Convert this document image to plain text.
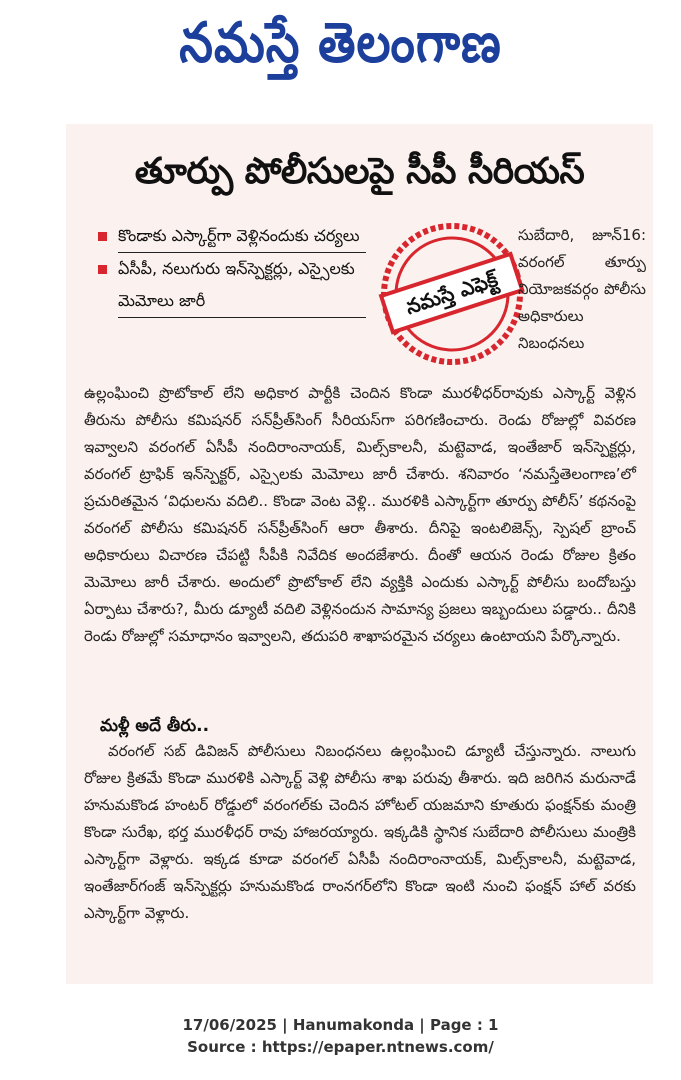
నమస్తే తెలంగాణ
తూర్పు పోలీసులపై సీపీ సీరియస్
కొండాకు ఎస్కార్ట్‌గా వెళ్లినందుకు చర్యలు
ఏసీపీ, నలుగురు ఇన్‌స్పెక్టర్లు, ఎస్సైలకు మెమోలు జారీ	నమస్తే ఎఫెక్ట్
సుబేదారి, జూన్16: వరంగల్ తూర్పు నియోజకవర్గం పోలీసు అధికారులు నిబంధనలు

ఉల్లంఘించి ప్రొటోకాల్ లేని అధికార పార్టీకి చెందిన కొండా మురళీధర్‌రావుకు ఎస్కార్ట్ వెళ్లిన తీరును పోలీసు కమిషనర్ సన్‌ప్రీత్‌సింగ్ సీరియస్‌గా పరిగణించారు. రెండు రోజుల్లో వివరణ ఇవ్వాలని వరంగల్ ఏసీపీ నందిరాంనాయక్, మిల్స్‌కాలనీ, మట్టెవాడ, ఇంతేజార్ ఇన్‌స్పెక్టర్లు, వరంగల్ ట్రాఫిక్ ఇన్‌స్పెక్టర్, ఎస్సైలకు మెమోలు జారీ చేశారు. శనివారం ‘నమస్తేతెలంగాణ’లో ప్రచురితమైన ‘విధులను వదిలి.. కొండా వెంట వెళ్లి.. మురళికి ఎస్కార్ట్‌గా తూర్పు పోలీస్’ కథనంపై వరంగల్ పోలీసు కమిషనర్ సన్‌ప్రీత్‌సింగ్ ఆరా తీశారు. దీనిపై ఇంటలిజెన్స్, స్పెషల్ బ్రాంచ్ అధికారులు విచారణ చేపట్టి సీపీకి నివేదిక అందజేశారు. దీంతో ఆయన రెండు రోజుల క్రితం మెమోలు జారీ చేశారు. అందులో ప్రొటోకాల్ లేని వ్యక్తికి ఎందుకు ఎస్కార్ట్ పోలీసు బందోబస్తు ఏర్పాటు చేశారు?, మీరు డ్యూటీ వదిలి వెళ్లినందున సామాన్య ప్రజలు ఇబ్బందులు పడ్డారు.. దీనికి రెండు రోజుల్లో సమాధానం ఇవ్వాలని, తదుపరి శాఖాపరమైన చర్యలు ఉంటాయని పేర్కొన్నారు.

మళ్లీ అదే తీరు..

వరంగల్ సబ్ డివిజన్ పోలీసులు నిబంధనలు ఉల్లంఘించి డ్యూటీ చేస్తున్నారు. నాలుగు రోజుల క్రితమే కొండా మురళికి ఎస్కార్ట్ వెళ్లి పోలీసు శాఖ పరువు తీశారు. ఇది జరిగిన మరునాడే హనుమకొండ హంటర్ రోడ్డులో వరంగల్‌కు చెందిన హోటల్ యజమాని కూతురు ఫంక్షన్‌కు మంత్రి కొండా సురేఖ, భర్త మురళీధర్ రావు హాజరయ్యారు. ఇక్కడికి స్థానిక సుబేదారి పోలీసులు మంత్రికి ఎస్కార్ట్‌గా వెళ్లారు. ఇక్కడ కూడా వరంగల్ ఏసీపీ నందిరాంనాయక్, మిల్స్‌కాలనీ, మట్టెవాడ, ఇంతేజార్‌గంజ్ ఇన్‌స్పెక్టర్లు హనుమకొండ రాంనగర్‌లోని కొండా ఇంటి నుంచి ఫంక్షన్ హాల్ వరకు ఎస్కార్ట్‌గా వెళ్లారు.

17/06/2025 | Hanumakonda | Page : 1
Source : https://epaper.ntnews.com/
